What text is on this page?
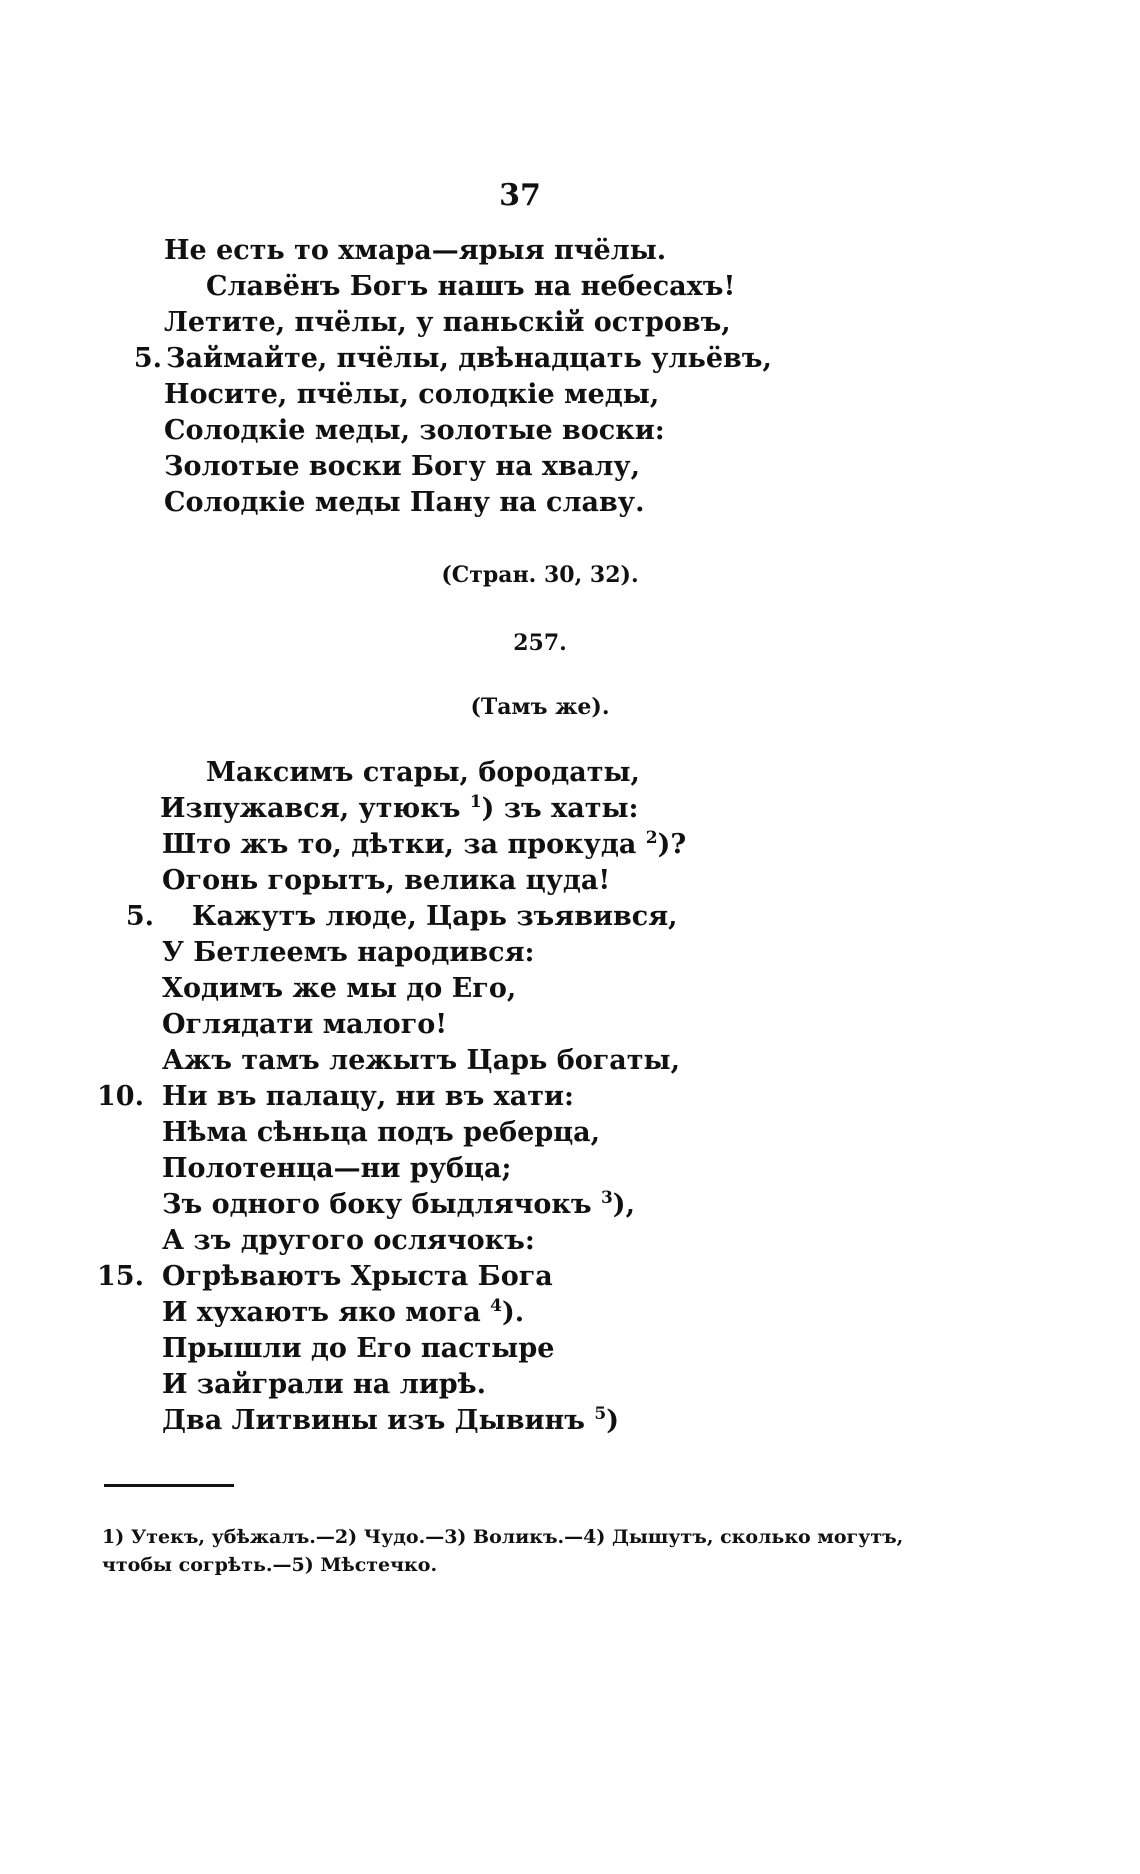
37
Не есть то хмара—ярыя пчёлы.
Славёнъ Богъ нашъ на небесахъ!
Летите, пчёлы, у паньскій островъ,
5. Займайте, пчёлы, двѣнадцать ульёвъ,
Носите, пчёлы, солодкіе меды,
Солодкіе меды, золотые воски:
Золотые воски Богу на хвалу,
Солодкіе меды Пану на славу.
(Стран. 30, 32).
257.
(Тамъ же).
Максимъ стары, бородаты,
Изпужався, утюкъ $^1$) зъ хаты:
Што жъ то, дѣтки, за прокуда $^2$)?
Огонь горытъ, велика цуда!
5. Кажутъ люде, Царь зъявився,
У Бетлеемъ народився:
Ходимъ же мы до Его,
Оглядати малого!
Ажъ тамъ лежытъ Царь богаты,
10. Ни въ палацу, ни въ хати:
Нѣма сѣньца подъ реберца,
Полотенца—ни рубца;
Зъ одного боку быдлячокъ $^3$),
А зъ другого ослячокъ:
15. Огрѣваютъ Хрыста Бога
И хухаютъ яко мога $^4$).
Прышли до Его пастыре
И зайграли на лирѣ.
Два Литвины изъ Дывинъ $^5$)
1) Утекъ, убѣжалъ.—2) Чудо.—3) Воликъ.—4) Дышутъ, сколько могутъ,
чтобы согрѣть.—5) Мѣстечко.
